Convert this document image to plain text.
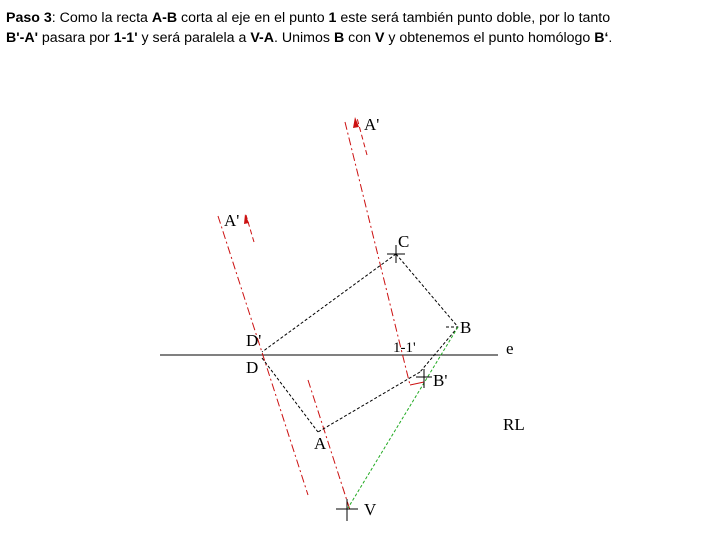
Paso 3: Como la recta A-B corta al eje en el punto 1 este será también punto doble, por lo tanto
B'-A' pasara por 1-1' y será paralela a V-A. Unimos B con V y obtenemos el punto homólogo B‘.
A'
A'
C
B
D'
D
1-1'	e
B'
A
V
RL
